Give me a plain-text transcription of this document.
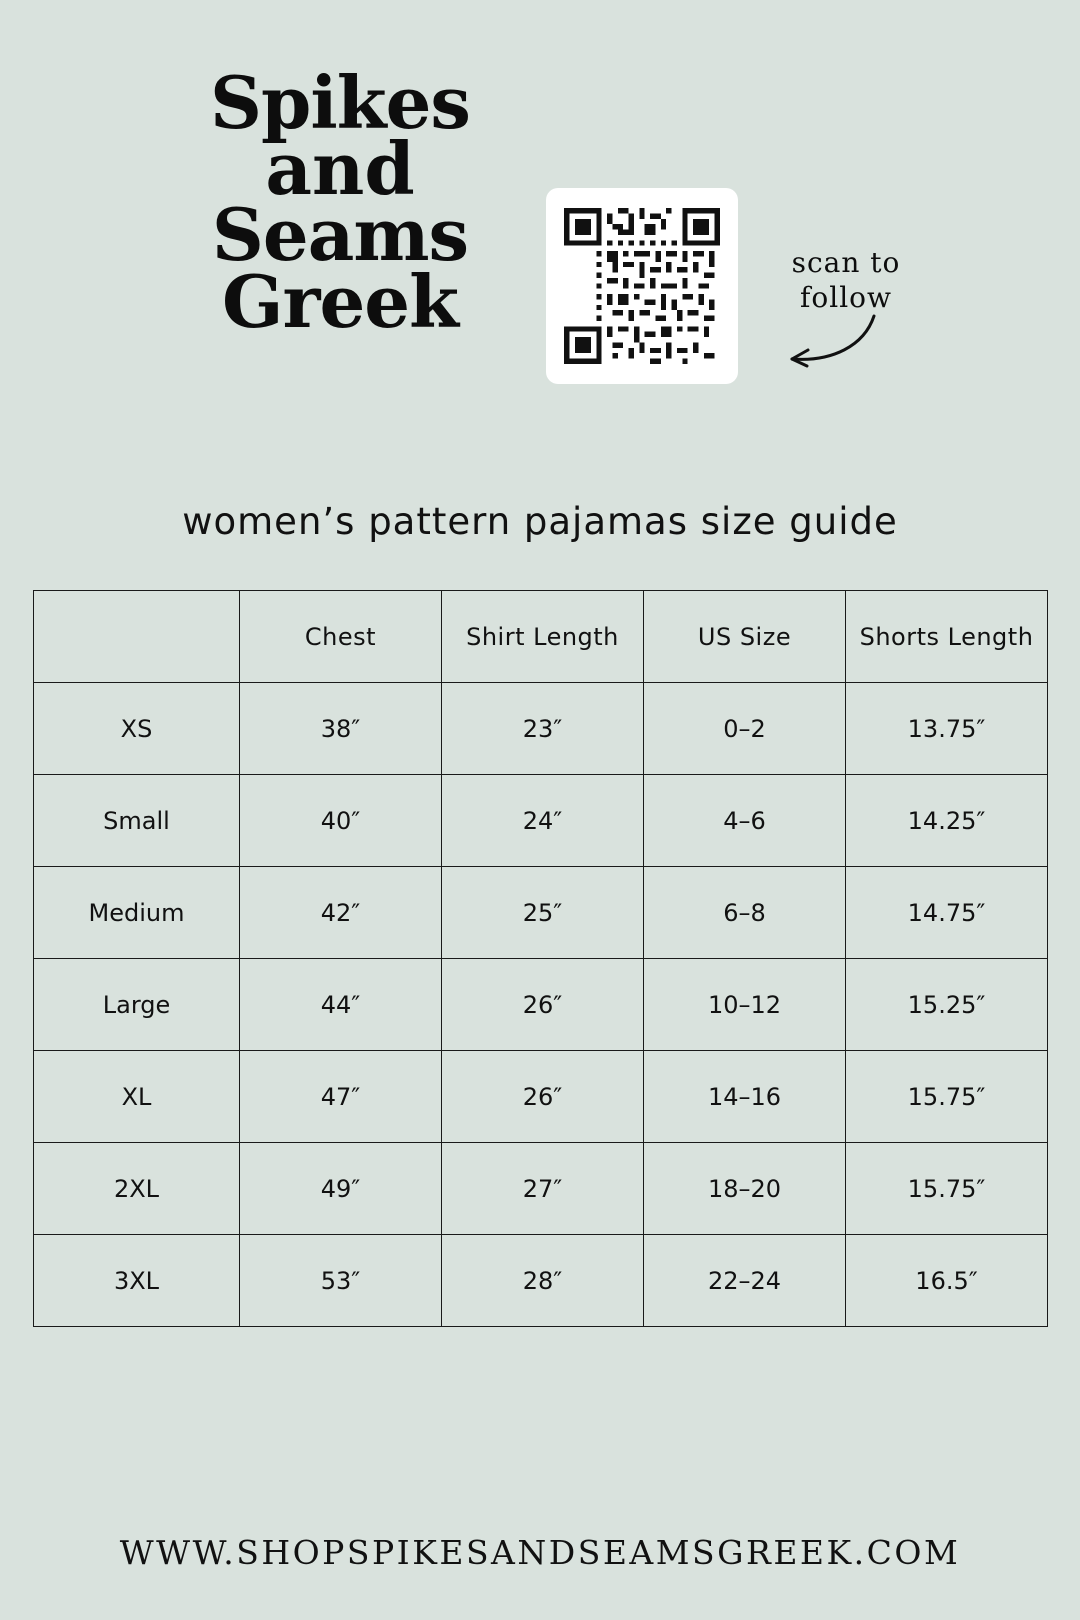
Spikes
and
Seams
Greek	scan to
follow
women’s pattern pajamas size guide
	Chest	Shirt Length	US Size	Shorts Length
XS	38″	23″	0–2	13.75″
Small	40″	24″	4–6	14.25″
Medium	42″	25″	6–8	14.75″
Large	44″	26″	10–12	15.25″
XL	47″	26″	14–16	15.75″
2XL	49″	27″	18–20	15.75″
3XL	53″	28″	22–24	16.5″
WWW.SHOPSPIKESANDSEAMSGREEK.COM
